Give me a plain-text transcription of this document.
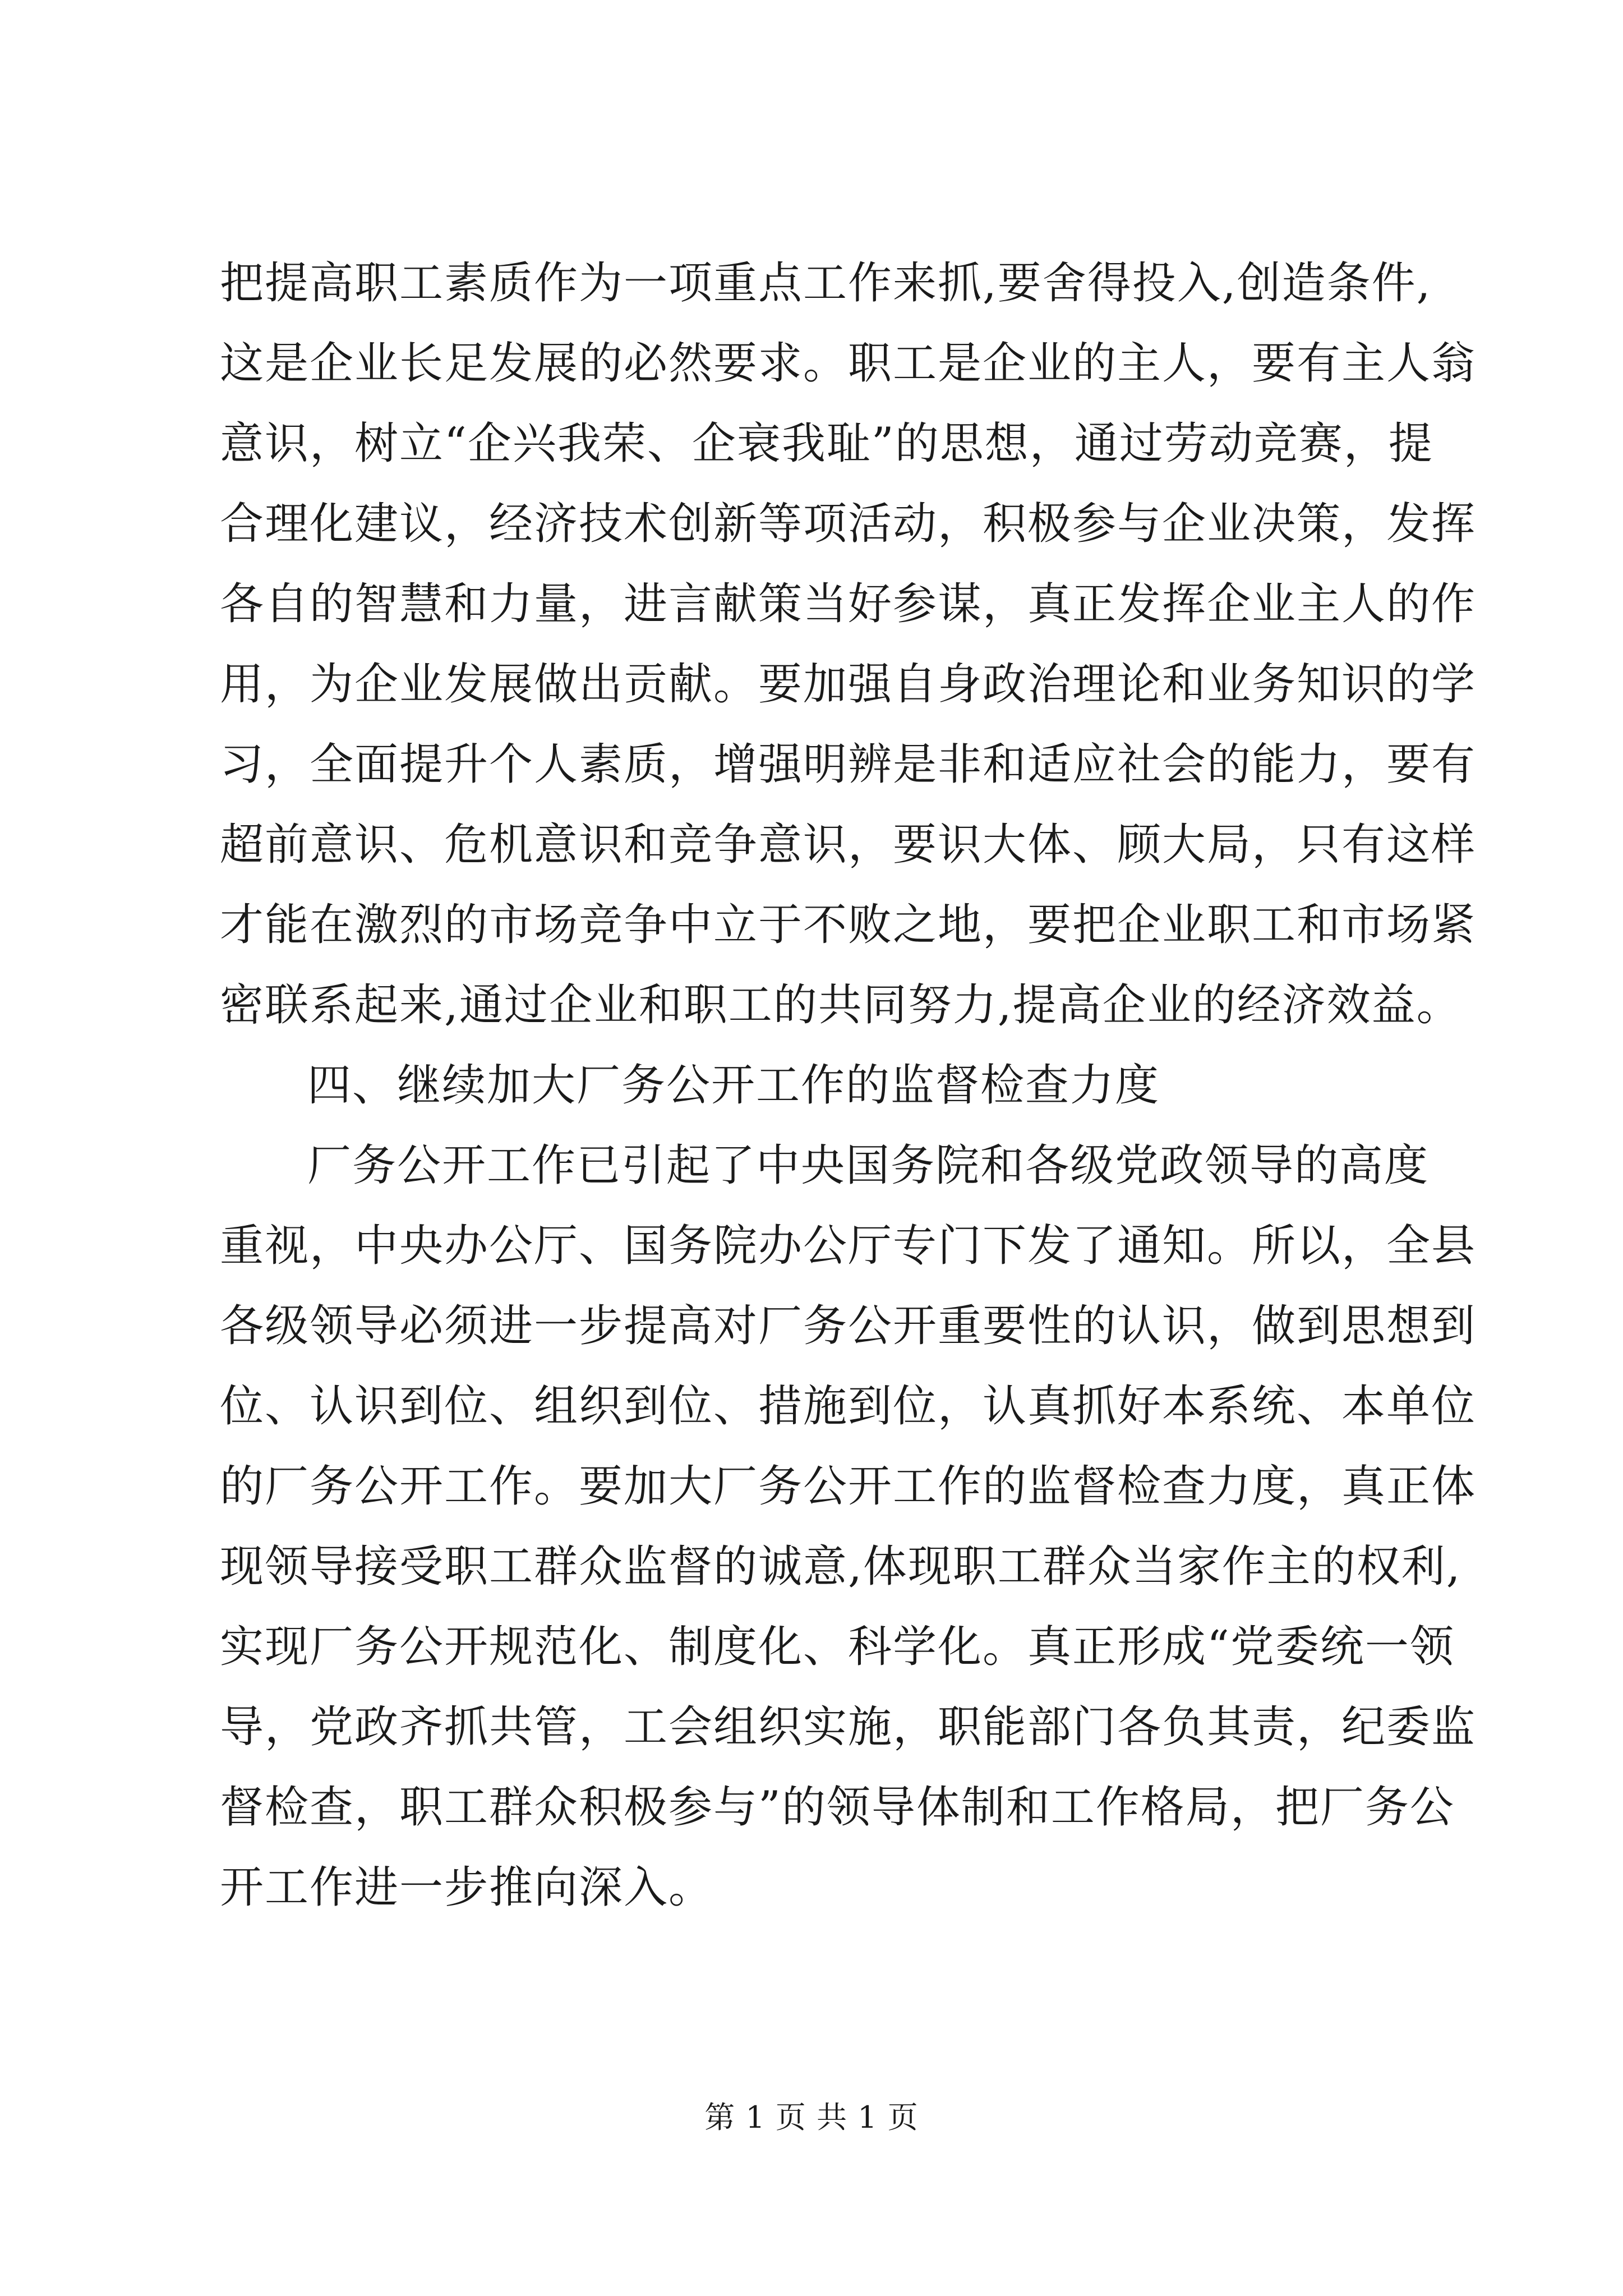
把提高职工素质作为一项重点工作来抓,要舍得投入,创造条件,
这是企业长足发展的必然要求。职工是企业的主人，要有主人翁
意识，树立“企兴我荣、企衰我耻”的思想，通过劳动竞赛，提
合理化建议，经济技术创新等项活动，积极参与企业决策，发挥
各自的智慧和力量，进言献策当好参谋，真正发挥企业主人的作
用，为企业发展做出贡献。要加强自身政治理论和业务知识的学
习，全面提升个人素质，增强明辨是非和适应社会的能力，要有
超前意识、危机意识和竞争意识，要识大体、顾大局，只有这样
才能在激烈的市场竞争中立于不败之地，要把企业职工和市场紧
密联系起来,通过企业和职工的共同努力,提高企业的经济效益。
四、继续加大厂务公开工作的监督检查力度
厂务公开工作已引起了中央国务院和各级党政领导的高度
重视，中央办公厅、国务院办公厅专门下发了通知。所以，全县
各级领导必须进一步提高对厂务公开重要性的认识，做到思想到
位、认识到位、组织到位、措施到位，认真抓好本系统、本单位
的厂务公开工作。要加大厂务公开工作的监督检查力度，真正体
现领导接受职工群众监督的诚意,体现职工群众当家作主的权利,
实现厂务公开规范化、制度化、科学化。真正形成“党委统一领
导，党政齐抓共管，工会组织实施，职能部门各负其责，纪委监
督检查，职工群众积极参与”的领导体制和工作格局，把厂务公
开工作进一步推向深入。
第 1 页 共 1 页
